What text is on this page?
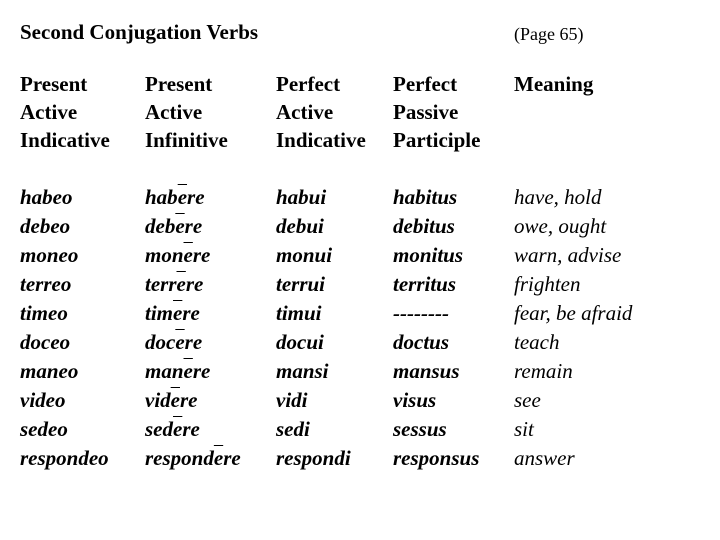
Second Conjugation Verbs	(Page 65)
Present
Active
Indicative
habeo
debeo
moneo
terreo
timeo
doceo
maneo
video
sedeo
respondeo
Present
Active
Infinitive
$hab\overline{e}re$
$deb\overline{e}re$
$mon\overline{e}re$
$terr\overline{e}re$
$tim\overline{e}re$
$doc\overline{e}re$
$man\overline{e}re$
$vid\overline{e}re$
$sed\overline{e}re$
$respond\overline{e}re$
Perfect
Active
Indicative
habui
debui
monui
terrui
timui
docui
mansi
vidi
sedi
respondi
Perfect
Passive
Participle
habitus
debitus
monitus
territus
--------
doctus
mansus
visus
sessus
responsus
Meaning
have, hold
owe, ought
warn, advise
frighten
fear, be afraid
teach
remain
see
sit
answer
